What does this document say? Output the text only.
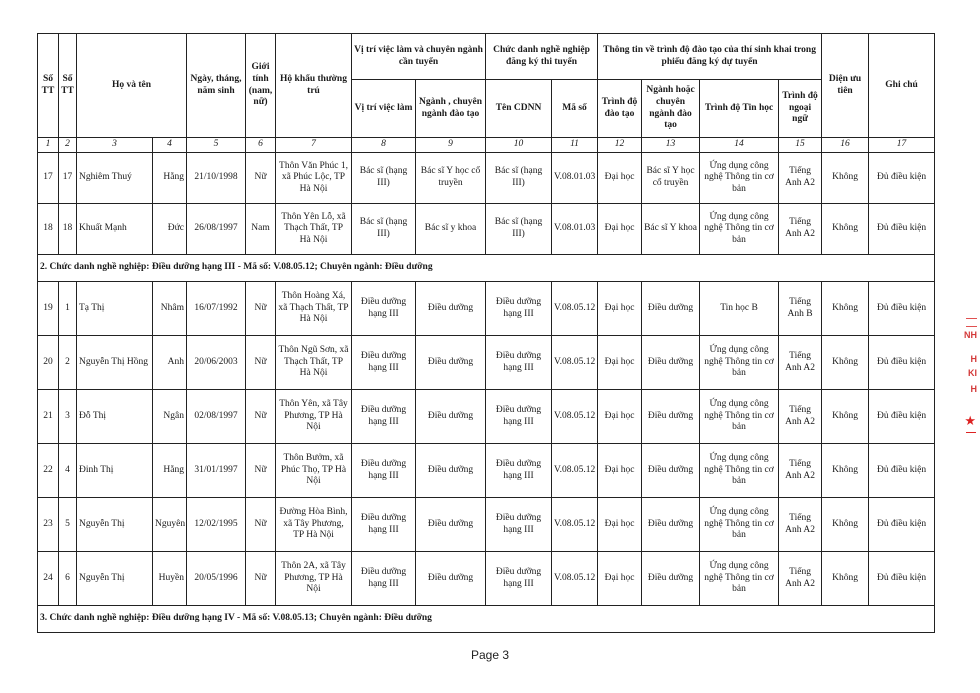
Số TT	Số TT	Họ và tên		Ngày, tháng, năm sinh	Giới tính (nam, nữ)	Hộ khẩu thường trú	Vị trí việc làm và chuyên ngành cần tuyển		Chức danh nghề nghiệp đăng ký thi tuyển		Thông tin về trình độ đào tạo của thí sinh khai trong phiếu đăng ký dự tuyển				Diện ưu tiên	Ghi chú
							Vị trí việc làm	Ngành , chuyên ngành đào tạo	Tên CDNN	Mã số	Trình độ đào tạo	Ngành hoặc chuyên ngành đào tạo	Trình độ Tin học	Trình độ ngoại ngữ		
1	2	3	4	5	6	7	8	9	10	11	12	13	14	15	16	17
17	17	Nghiêm Thuý	Hằng	21/10/1998	Nữ	Thôn Văn Phúc 1, xã Phúc Lộc, TP Hà Nội	Bác sĩ (hạng III)	Bác sĩ Y học cổ truyền	Bác sĩ (hạng III)	V.08.01.03	Đại học	Bác sĩ Y học cổ truyền	Ứng dụng công nghệ Thông tin cơ bản	Tiếng Anh A2	Không	Đủ điều kiện
18	18	Khuất Mạnh	Đức	26/08/1997	Nam	Thôn Yên Lỗ, xã Thạch Thất, TP Hà Nội	Bác sĩ (hạng III)	Bác sĩ y khoa	Bác sĩ (hạng III)	V.08.01.03	Đại học	Bác sĩ Y khoa	Ứng dụng công nghệ Thông tin cơ bản	Tiếng Anh A2	Không	Đủ điều kiện
2. Chức danh nghề nghiệp: Điều dưỡng hạng III - Mã số: V.08.05.12; Chuyên ngành: Điều dưỡng																
19	1	Tạ Thị	Nhâm	16/07/1992	Nữ	Thôn Hoàng Xá, xã Thạch Thất, TP Hà Nội	Điều dưỡng hạng III	Điều dưỡng	Điều dưỡng hạng III	V.08.05.12	Đại học	Điều dưỡng	Tin học B	Tiếng Anh B	Không	Đủ điều kiện
20	2	Nguyễn Thị Hồng	Anh	20/06/2003	Nữ	Thôn Ngũ Sơn, xã Thạch Thất, TP Hà Nội	Điều dưỡng hạng III	Điều dưỡng	Điều dưỡng hạng III	V.08.05.12	Đại học	Điều dưỡng	Ứng dụng công nghệ Thông tin cơ bản	Tiếng Anh A2	Không	Đủ điều kiện
21	3	Đỗ Thị	Ngân	02/08/1997	Nữ	Thôn Yên, xã Tây Phương, TP Hà Nội	Điều dưỡng hạng III	Điều dưỡng	Điều dưỡng hạng III	V.08.05.12	Đại học	Điều dưỡng	Ứng dụng công nghệ Thông tin cơ bản	Tiếng Anh A2	Không	Đủ điều kiện
22	4	Đinh Thị	Hằng	31/01/1997	Nữ	Thôn Bưởm, xã Phúc Thọ, TP Hà Nội	Điều dưỡng hạng III	Điều dưỡng	Điều dưỡng hạng III	V.08.05.12	Đại học	Điều dưỡng	Ứng dụng công nghệ Thông tin cơ bản	Tiếng Anh A2	Không	Đủ điều kiện
23	5	Nguyễn Thị	Nguyên	12/02/1995	Nữ	Đường Hòa Bình, xã Tây Phương, TP Hà Nội	Điều dưỡng hạng III	Điều dưỡng	Điều dưỡng hạng III	V.08.05.12	Đại học	Điều dưỡng	Ứng dụng công nghệ Thông tin cơ bản	Tiếng Anh A2	Không	Đủ điều kiện
24	6	Nguyễn Thị	Huyền	20/05/1996	Nữ	Thôn 2A, xã Tây Phương, TP Hà Nội	Điều dưỡng hạng III	Điều dưỡng	Điều dưỡng hạng III	V.08.05.12	Đại học	Điều dưỡng	Ứng dụng công nghệ Thông tin cơ bản	Tiếng Anh A2	Không	Đủ điều kiện
3. Chức danh nghề nghiệp: Điều dưỡng hạng IV - Mã số: V.08.05.13; Chuyên ngành: Điều dưỡng																
NH
H
KI
H
★
Page 3
